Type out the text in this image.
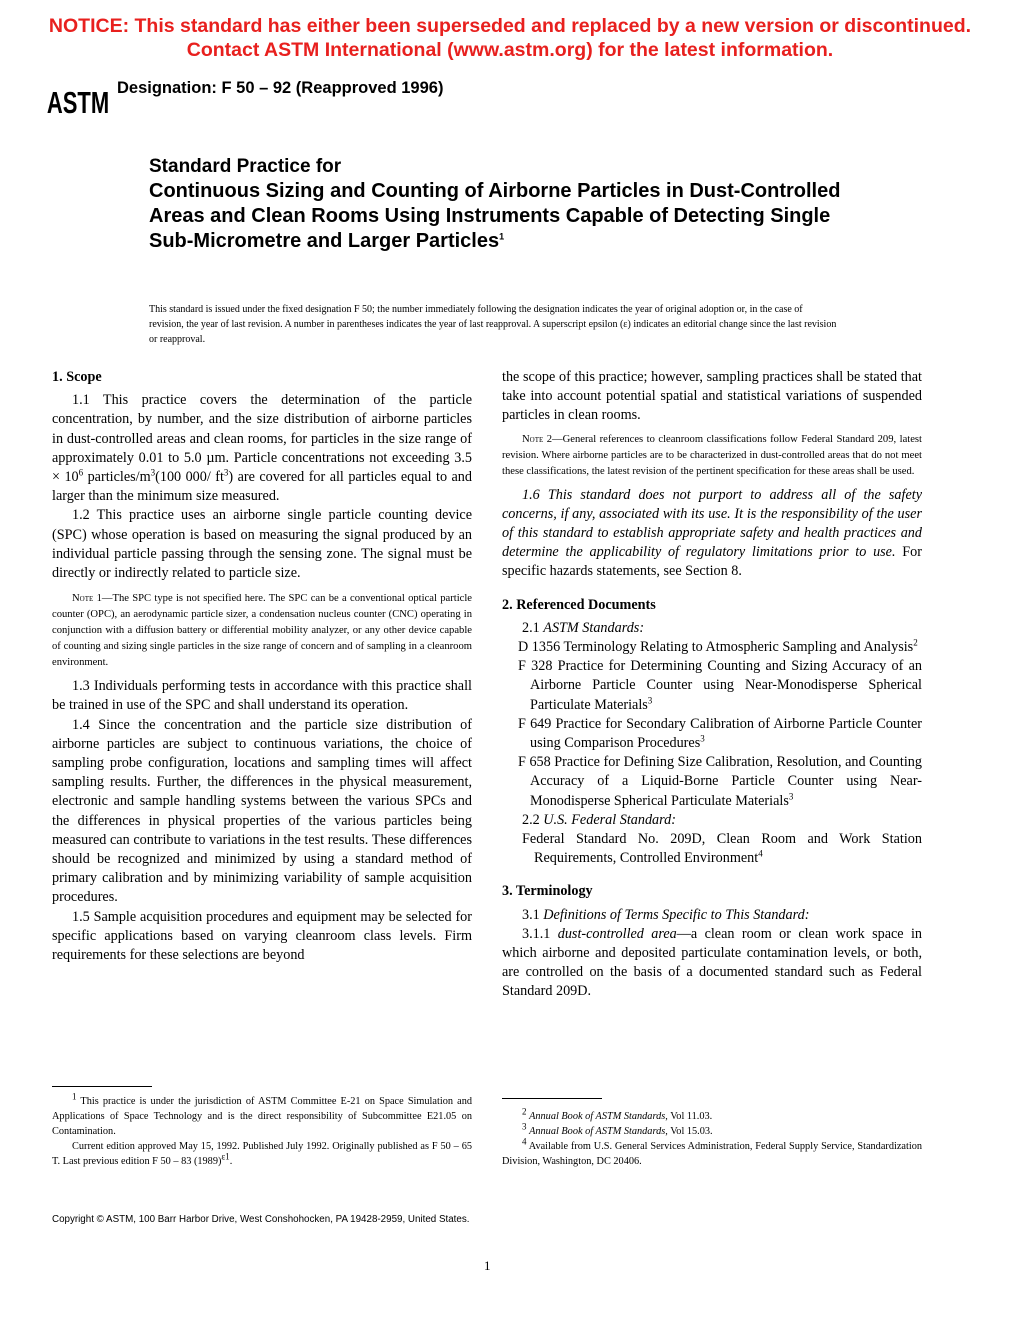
NOTICE: This standard has either been superseded and replaced by a new version or discontinued.
Contact ASTM International (www.astm.org) for the latest information.
ASTM Designation: F 50 – 92 (Reapproved 1996)
Standard Practice for
Continuous Sizing and Counting of Airborne Particles in Dust-Controlled Areas and Clean Rooms Using Instruments Capable of Detecting Single Sub-Micrometre and Larger Particles$^1$
This standard is issued under the fixed designation F 50; the number immediately following the designation indicates the year of original adoption or, in the case of revision, the year of last revision. A number in parentheses indicates the year of last reapproval. A superscript epsilon (ε) indicates an editorial change since the last revision or reapproval.
1. Scope

1.1 This practice covers the determination of the particle concentration, by number, and the size distribution of airborne particles in dust-controlled areas and clean rooms, for particles in the size range of approximately 0.01 to 5.0 µm. Particle concentrations not exceeding $3.5 \times 10^6$ particles/$m^3(100$ 000/ $ft^3$) are covered for all particles equal to and larger than the minimum size measured.

1.2 This practice uses an airborne single particle counting device (SPC) whose operation is based on measuring the signal produced by an individual particle passing through the sensing zone. The signal must be directly or indirectly related to particle size.

Note 1—The SPC type is not specified here. The SPC can be a conventional optical particle counter (OPC), an aerodynamic particle sizer, a condensation nucleus counter (CNC) operating in conjunction with a diffusion battery or differential mobility analyzer, or any other device capable of counting and sizing single particles in the size range of concern and of sampling in a cleanroom environment.

1.3 Individuals performing tests in accordance with this practice shall be trained in use of the SPC and shall understand its operation.

1.4 Since the concentration and the particle size distribution of airborne particles are subject to continuous variations, the choice of sampling probe configuration, locations and sampling times will affect sampling results. Further, the differences in the physical measurement, electronic and sample handling systems between the various SPCs and the differences in physical properties of the various particles being measured can contribute to variations in the test results. These differences should be recognized and minimized by using a standard method of primary calibration and by minimizing variability of sample acquisition procedures.

1.5 Sample acquisition procedures and equipment may be selected for specific applications based on varying cleanroom class levels. Firm requirements for these selections are beyond

the scope of this practice; however, sampling practices shall be stated that take into account potential spatial and statistical variations of suspended particles in clean rooms.

Note 2—General references to cleanroom classifications follow Federal Standard 209, latest revision. Where airborne particles are to be characterized in dust-controlled areas that do not meet these classifications, the latest revision of the pertinent specification for these areas shall be used.

1.6 This standard does not purport to address all of the safety concerns, if any, associated with its use. It is the responsibility of the user of this standard to establish appropriate safety and health practices and determine the applicability of regulatory limitations prior to use. For specific hazards statements, see Section 8.

2. Referenced Documents

2.1 ASTM Standards:

D 1356 Terminology Relating to Atmospheric Sampling and Analysis$^2$

F 328 Practice for Determining Counting and Sizing Accuracy of an Airborne Particle Counter using Near-Monodisperse Spherical Particulate Materials$^3$

F 649 Practice for Secondary Calibration of Airborne Particle Counter using Comparison Procedures$^3$

F 658 Practice for Defining Size Calibration, Resolution, and Counting Accuracy of a Liquid-Borne Particle Counter using Near-Monodisperse Spherical Particulate Materials$^3$

2.2 U.S. Federal Standard:

Federal Standard No. 209D, Clean Room and Work Station Requirements, Controlled Environment$^4$

3. Terminology

3.1 Definitions of Terms Specific to This Standard:

3.1.1 dust-controlled area—a clean room or clean work space in which airborne and deposited particulate contamination levels, or both, are controlled on the basis of a documented standard such as Federal Standard 209D.

$^1$ This practice is under the jurisdiction of ASTM Committee E-21 on Space Simulation and Applications of Space Technology and is the direct responsibility of Subcommittee E21.05 on Contamination.

Current edition approved May 15, 1992. Published July 1992. Originally published as F 50 – 65 T. Last previous edition F 50 – 83 $(1989)^{\varepsilon 1}$.

$^2$ Annual Book of ASTM Standards, Vol 11.03.

$^3$ Annual Book of ASTM Standards, Vol 15.03.

$^4$ Available from U.S. General Services Administration, Federal Supply Service, Standardization Division, Washington, DC 20406.

Copyright © ASTM, 100 Barr Harbor Drive, West Conshohocken, PA 19428-2959, United States.
1
